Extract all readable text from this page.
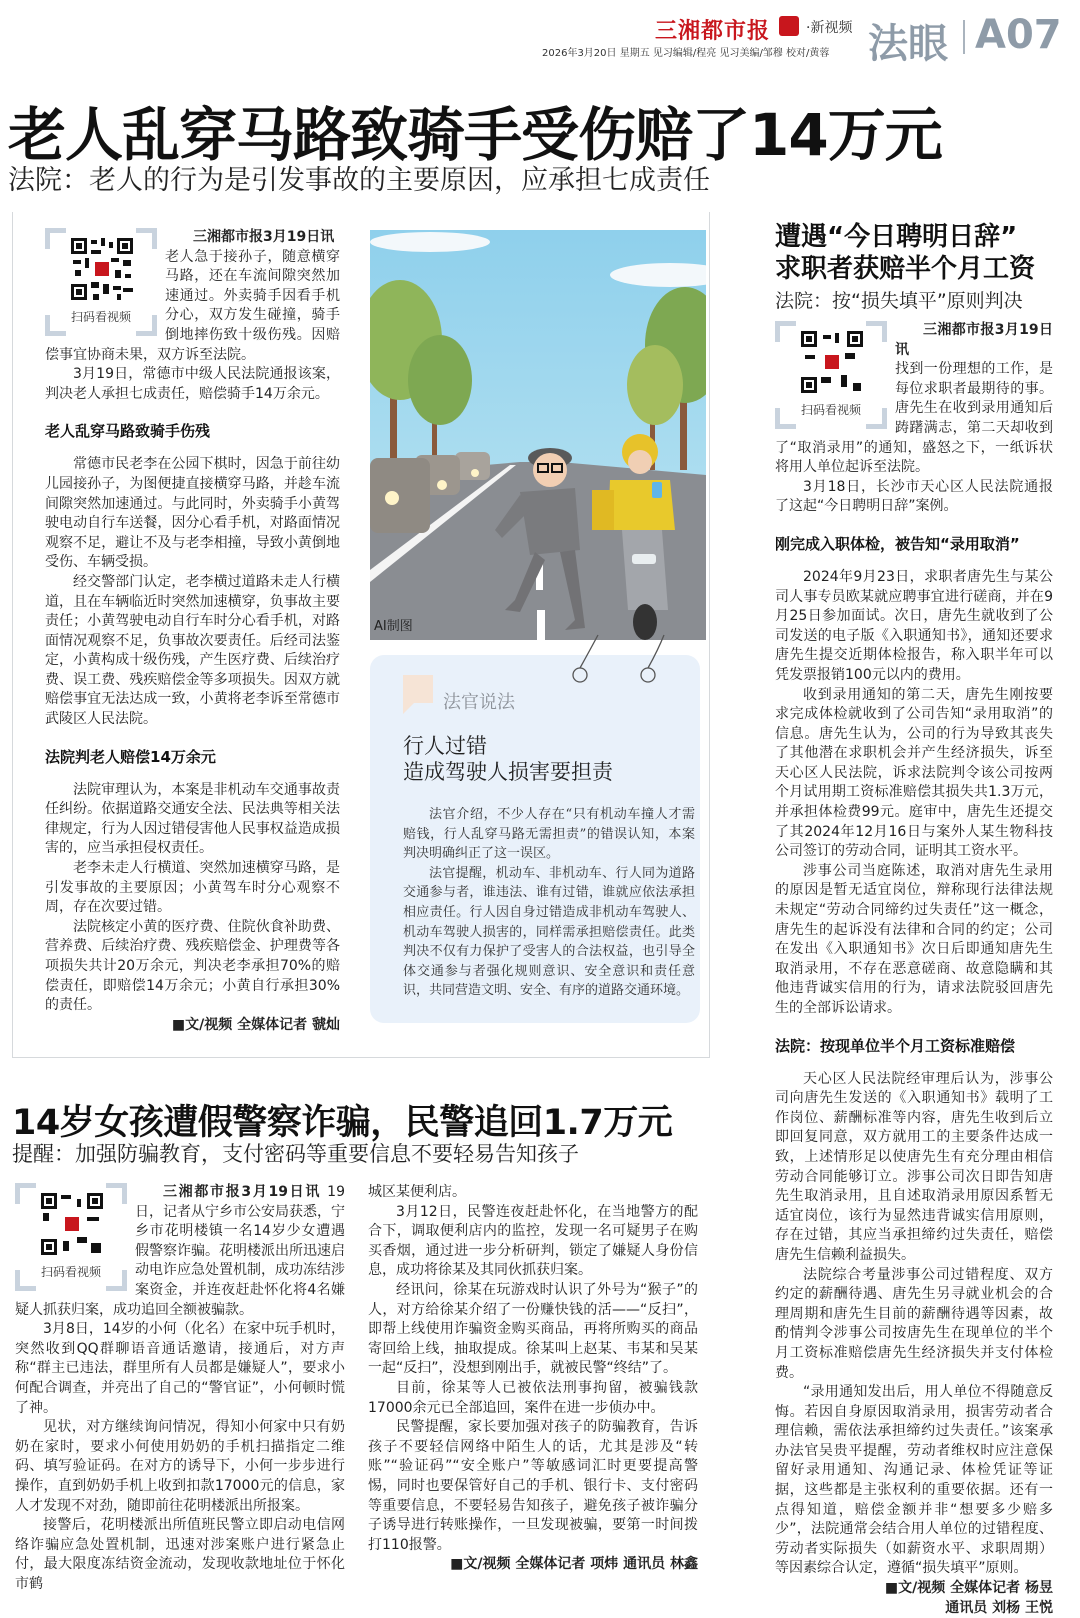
三湘都市报	·新视频
2026年3月20日 星期五 见习编辑/程亮 见习美编/邹穆 校对/黄蓉 法眼 A07
老人乱穿马路致骑手受伤赔了14万元
法院：老人的行为是引发事故的主要原因，应承担七成责任
扫码看视频

三湘都市报3月19日讯

老人急于接孙子，随意横穿马路，还在车流间隙突然加速通过。外卖骑手因看手机分心，双方发生碰撞，骑手倒地摔伤致十级伤残。因赔偿事宜协商未果，双方诉至法院。

3月19日，常德市中级人民法院通报该案，判决老人承担七成责任，赔偿骑手14万余元。

老人乱穿马路致骑手伤残

常德市民老李在公园下棋时，因急于前往幼儿园接孙子，为图便捷直接横穿马路，并趁车流间隙突然加速通过。与此同时，外卖骑手小黄驾驶电动自行车送餐，因分心看手机，对路面情况观察不足，避让不及与老李相撞，导致小黄倒地受伤、车辆受损。

经交警部门认定，老李横过道路未走人行横道，且在车辆临近时突然加速横穿，负事故主要责任；小黄驾驶电动自行车时分心看手机，对路面情况观察不足，负事故次要责任。后经司法鉴定，小黄构成十级伤残，产生医疗费、后续治疗费、误工费、残疾赔偿金等多项损失。因双方就赔偿事宜无法达成一致，小黄将老李诉至常德市武陵区人民法院。

法院判老人赔偿14万余元

法院审理认为，本案是非机动车交通事故责任纠纷。依据道路交通安全法、民法典等相关法律规定，行为人因过错侵害他人民事权益造成损害的，应当承担侵权责任。

老李未走人行横道、突然加速横穿马路，是引发事故的主要原因；小黄驾车时分心观察不周，存在次要过错。

法院核定小黄的医疗费、住院伙食补助费、营养费、后续治疗费、残疾赔偿金、护理费等各项损失共计20万余元，判决老李承担70%的赔偿责任，即赔偿14万余元；小黄自行承担30%的责任。

■文/视频 全媒体记者 虢灿

AI制图
法官说法
行人过错
造成驾驶人损害要担责

法官介绍，不少人存在“只有机动车撞人才需赔钱，行人乱穿马路无需担责”的错误认知，本案判决明确纠正了这一误区。

法官提醒，机动车、非机动车、行人同为道路交通参与者，谁违法、谁有过错，谁就应依法承担相应责任。行人因自身过错造成非机动车驾驶人、机动车驾驶人损害的，同样需承担赔偿责任。此类判决不仅有力保护了受害人的合法权益，也引导全体交通参与者强化规则意识、安全意识和责任意识，共同营造文明、安全、有序的道路交通环境。

遭遇“今日聘明日辞”
求职者获赔半个月工资
法院：按“损失填平”原则判决
扫码看视频

三湘都市报3月19日讯

找到一份理想的工作，是每位求职者最期待的事。唐先生在收到录用通知后踌躇满志，第二天却收到了“取消录用”的通知，盛怒之下，一纸诉状将用人单位起诉至法院。

3月18日，长沙市天心区人民法院通报了这起“今日聘明日辞”案例。

刚完成入职体检，被告知“录用取消”

2024年9月23日，求职者唐先生与某公司人事专员欧某就应聘事宜进行磋商，并在9月25日参加面试。次日，唐先生就收到了公司发送的电子版《入职通知书》，通知还要求唐先生提交近期体检报告，称入职半年可以凭发票报销100元以内的费用。

收到录用通知的第二天，唐先生刚按要求完成体检就收到了公司告知“录用取消”的信息。唐先生认为，公司的行为导致其丧失了其他潜在求职机会并产生经济损失，诉至天心区人民法院，诉求法院判令该公司按两个月试用期工资标准赔偿其损失共1.3万元，并承担体检费99元。庭审中，唐先生还提交了其2024年12月16日与案外人某生物科技公司签订的劳动合同，证明其工资水平。

涉事公司当庭陈述，取消对唐先生录用的原因是暂无适宜岗位，辩称现行法律法规未规定“劳动合同缔约过失责任”这一概念，唐先生的起诉没有法律和合同的约定；公司在发出《入职通知书》次日后即通知唐先生取消录用，不存在恶意磋商、故意隐瞒和其他违背诚实信用的行为，请求法院驳回唐先生的全部诉讼请求。

法院：按现单位半个月工资标准赔偿

天心区人民法院经审理后认为，涉事公司向唐先生发送的《入职通知书》载明了工作岗位、薪酬标准等内容，唐先生收到后立即回复同意，双方就用工的主要条件达成一致，上述情形足以使唐先生有充分理由相信劳动合同能够订立。涉事公司次日即告知唐先生取消录用，且自述取消录用原因系暂无适宜岗位，该行为显然违背诚实信用原则，存在过错，其应当承担缔约过失责任，赔偿唐先生信赖利益损失。

法院综合考量涉事公司过错程度、双方约定的薪酬待遇、唐先生另寻就业机会的合理周期和唐先生目前的薪酬待遇等因素，故酌情判令涉事公司按唐先生在现单位的半个月工资标准赔偿唐先生经济损失并支付体检费。

“录用通知发出后，用人单位不得随意反悔。若因自身原因取消录用，损害劳动者合理信赖，需依法承担缔约过失责任。”该案承办法官吴贵平提醒，劳动者维权时应注意保留好录用通知、沟通记录、体检凭证等证据，这些都是主张权利的重要依据。还有一点得知道，赔偿金额并非“想要多少赔多少”，法院通常会结合用人单位的过错程度、劳动者实际损失（如薪资水平、求职周期）等因素综合认定，遵循“损失填平”原则。

■文/视频 全媒体记者 杨昱

通讯员 刘杨 王悦

14岁女孩遭假警察诈骗，民警追回1.7万元
提醒：加强防骗教育，支付密码等重要信息不要轻易告知孩子
扫码看视频

三湘都市报3月19日讯 19日，记者从宁乡市公安局获悉，宁乡市花明楼镇一名14岁少女遭遇假警察诈骗。花明楼派出所迅速启动电诈应急处置机制，成功冻结涉案资金，并连夜赶赴怀化将4名嫌疑人抓获归案，成功追回全额被骗款。

3月8日，14岁的小何（化名）在家中玩手机时，突然收到QQ群聊语音通话邀请，接通后，对方声称“群主已违法，群里所有人员都是嫌疑人”，要求小何配合调查，并亮出了自己的“警官证”，小何顿时慌了神。

见状，对方继续询问情况，得知小何家中只有奶奶在家时，要求小何使用奶奶的手机扫描指定二维码、填写验证码。在对方的诱导下，小何一步步进行操作，直到奶奶手机上收到扣款17000元的信息，家人才发现不对劲，随即前往花明楼派出所报案。

接警后，花明楼派出所值班民警立即启动电信网络诈骗应急处置机制，迅速对涉案账户进行紧急止付，最大限度冻结资金流动，发现收款地址位于怀化市鹤

城区某便利店。

3月12日，民警连夜赶赴怀化，在当地警方的配合下，调取便利店内的监控，发现一名可疑男子在购买香烟，通过进一步分析研判，锁定了嫌疑人身份信息，成功将徐某及其同伙抓获归案。

经讯问，徐某在玩游戏时认识了外号为“猴子”的人，对方给徐某介绍了一份赚快钱的活——“反扫”，即帮上线使用诈骗资金购买商品，再将所购买的商品寄回给上线，抽取提成。徐某叫上赵某、韦某和吴某一起“反扫”，没想到刚出手，就被民警“终结”了。

目前，徐某等人已被依法刑事拘留，被骗钱款17000余元已全部追回，案件在进一步侦办中。

民警提醒，家长要加强对孩子的防骗教育，告诉孩子不要轻信网络中陌生人的话，尤其是涉及“转账”“验证码”“安全账户”等敏感词汇时更要提高警惕，同时也要保管好自己的手机、银行卡、支付密码等重要信息，不要轻易告知孩子，避免孩子被诈骗分子诱导进行转账操作，一旦发现被骗，要第一时间拨打110报警。

■文/视频 全媒体记者 项炜 通讯员 林鑫
